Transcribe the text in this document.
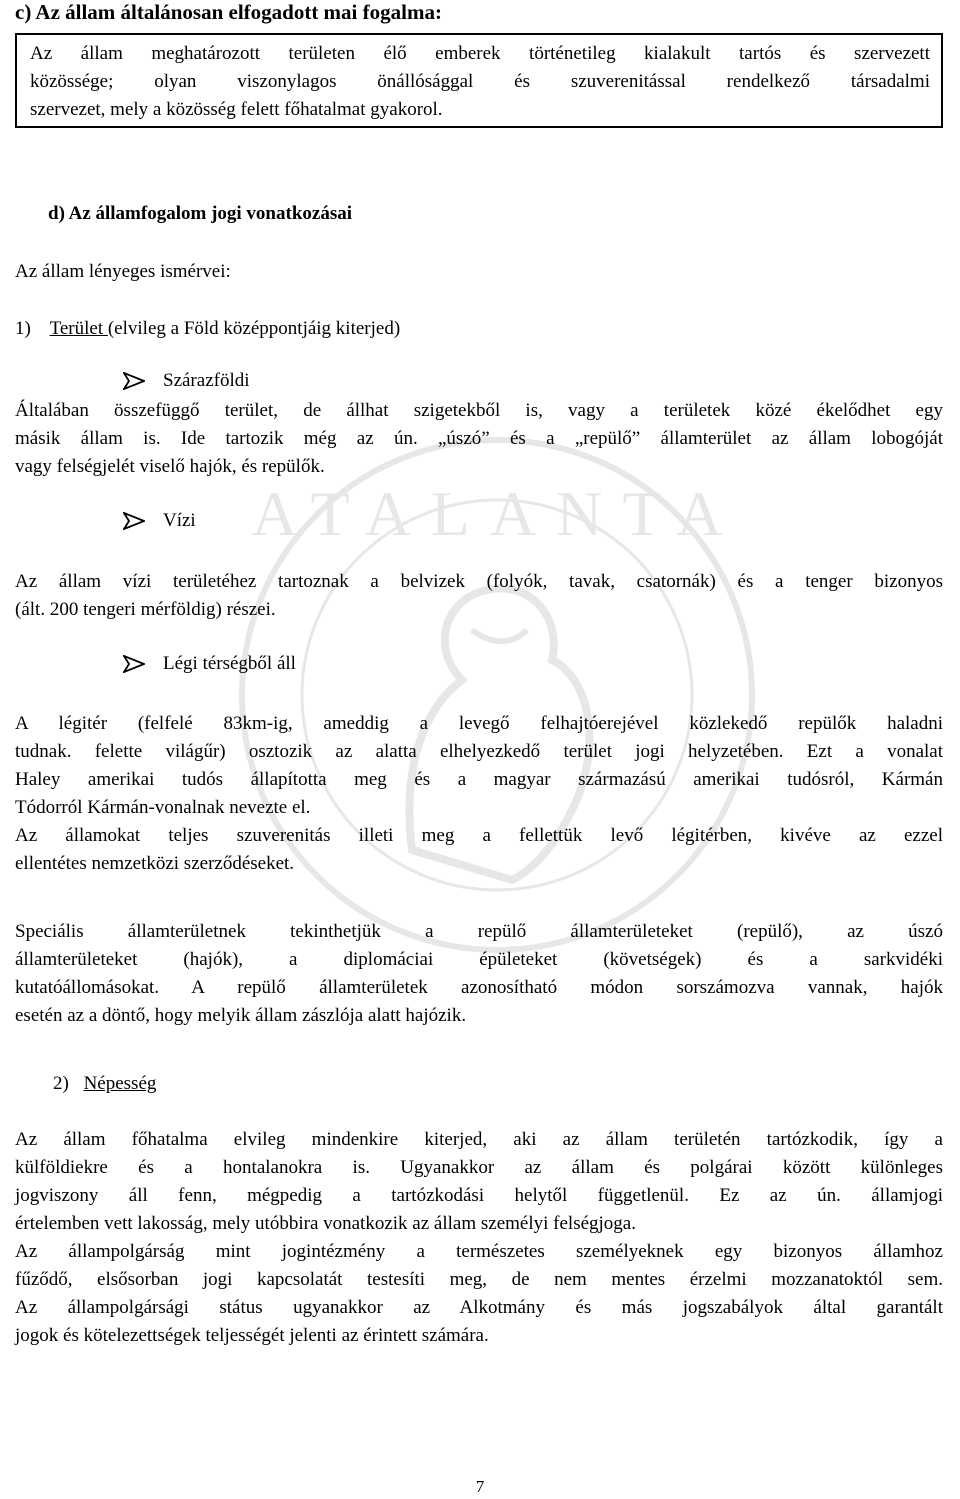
ATALANTA
c) Az állam általánosan elfogadott mai fogalma:
Az állam meghatározott területen élő emberek történetileg kialakult tartós és szervezett
közössége; olyan viszonylagos önállósággal és szuverenitással rendelkező társadalmi
szervezet, mely a közösség felett főhatalmat gyakorol.
d) Az államfogalom jogi vonatkozásai
Az állam lényeges ismérvei:
1) Terület (elvileg a Föld középpontjáig kiterjed)
Szárazföldi
Általában összefüggő terület, de állhat szigetekből is, vagy a területek közé ékelődhet egy
másik állam is. Ide tartozik még az ún. „úszó” és a „repülő” államterület az állam lobogóját
vagy felségjelét viselő hajók, és repülők.
Vízi
Az állam vízi területéhez tartoznak a belvizek (folyók, tavak, csatornák) és a tenger bizonyos
(ált. 200 tengeri mérföldig) részei.
Légi térségből áll
A légitér (felfelé 83km-ig, ameddig a levegő felhajtóerejével közlekedő repülők haladni
tudnak. felette világűr) osztozik az alatta elhelyezkedő terület jogi helyzetében. Ezt a vonalat
Haley amerikai tudós állapította meg és a magyar származású amerikai tudósról, Kármán
Tódorról Kármán-vonalnak nevezte el.
Az államokat teljes szuverenitás illeti meg a fellettük levő légitérben, kivéve az ezzel
ellentétes nemzetközi szerződéseket.
Speciális államterületnek tekinthetjük a repülő államterületeket (repülő), az úszó
államterületeket (hajók), a diplomáciai épületeket (követségek) és a sarkvidéki
kutatóállomásokat. A repülő államterületek azonosítható módon sorszámozva vannak, hajók
esetén az a döntő, hogy melyik állam zászlója alatt hajózik.
2) Népesség
Az állam főhatalma elvileg mindenkire kiterjed, aki az állam területén tartózkodik, így a
külföldiekre és a hontalanokra is. Ugyanakkor az állam és polgárai között különleges
jogviszony áll fenn, mégpedig a tartózkodási helytől függetlenül. Ez az ún. államjogi
értelemben vett lakosság, mely utóbbira vonatkozik az állam személyi felségjoga.
Az állampolgárság mint jogintézmény a természetes személyeknek egy bizonyos államhoz
fűződő, elsősorban jogi kapcsolatát testesíti meg, de nem mentes érzelmi mozzanatoktól sem.
Az állampolgársági státus ugyanakkor az Alkotmány és más jogszabályok által garantált
jogok és kötelezettségek teljességét jelenti az érintett számára.
7
